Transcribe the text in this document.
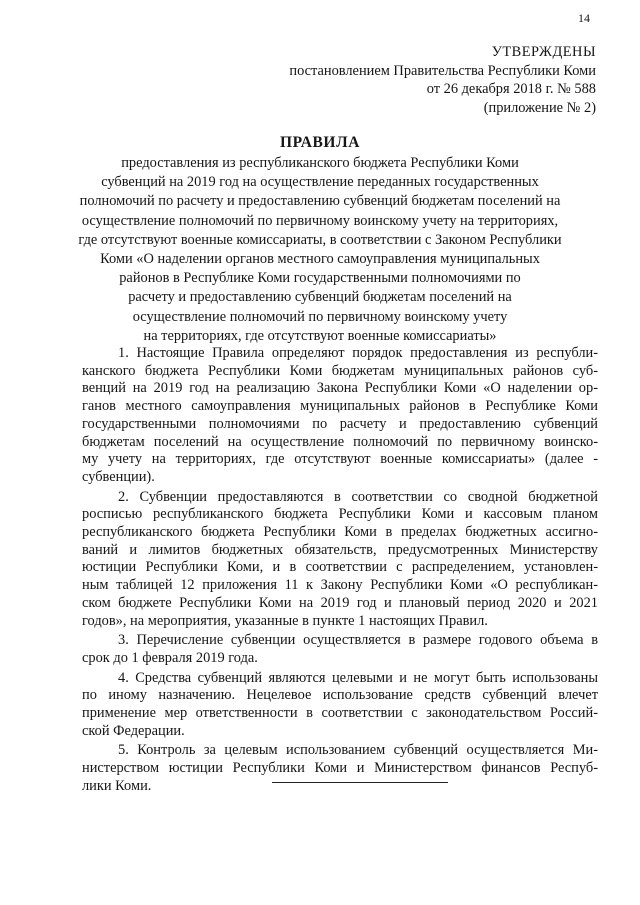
14
УТВЕРЖДЕНЫ
постановлением Правительства Республики Коми
от 26 декабря 2018 г. № 588
(приложение № 2)
ПРАВИЛА
предоставления из республиканского бюджета Республики Коми
субвенций на 2019 год на осуществление переданных государственных
полномочий по расчету и предоставлению субвенций бюджетам поселений на
осуществление полномочий по первичному воинскому учету на территориях,
где отсутствуют военные комиссариаты, в соответствии с Законом Республики
Коми «О наделении органов местного самоуправления муниципальных
районов в Республике Коми государственными полномочиями по
расчету и предоставлению субвенций бюджетам поселений на
осуществление полномочий по первичному воинскому учету
на территориях, где отсутствуют военные комиссариаты»
1. Настоящие Правила определяют порядок предоставления из республи-
канского бюджета Республики Коми бюджетам муниципальных районов суб-
венций на 2019 год на реализацию Закона Республики Коми «О наделении ор-
ганов местного самоуправления муниципальных районов в Республике Коми
государственными полномочиями по расчету и предоставлению субвенций
бюджетам поселений на осуществление полномочий по первичному воинско-
му учету на территориях, где отсутствуют военные комиссариаты» (далее -
субвенции).
2. Субвенции предоставляются в соответствии со сводной бюджетной
росписью республиканского бюджета Республики Коми и кассовым планом
республиканского бюджета Республики Коми в пределах бюджетных ассигно-
ваний и лимитов бюджетных обязательств, предусмотренных Министерству
юстиции Республики Коми, и в соответствии с распределением, установлен-
ным таблицей 12 приложения 11 к Закону Республики Коми «О республикан-
ском бюджете Республики Коми на 2019 год и плановый период 2020 и 2021
годов», на мероприятия, указанные в пункте 1 настоящих Правил.
3. Перечисление субвенции осуществляется в размере годового объема в
срок до 1 февраля 2019 года.
4. Средства субвенций являются целевыми и не могут быть использованы
по иному назначению. Нецелевое использование средств субвенций влечет
применение мер ответственности в соответствии с законодательством Россий-
ской Федерации.
5. Контроль за целевым использованием субвенций осуществляется Ми-
нистерством юстиции Республики Коми и Министерством финансов Респуб-
лики Коми.
